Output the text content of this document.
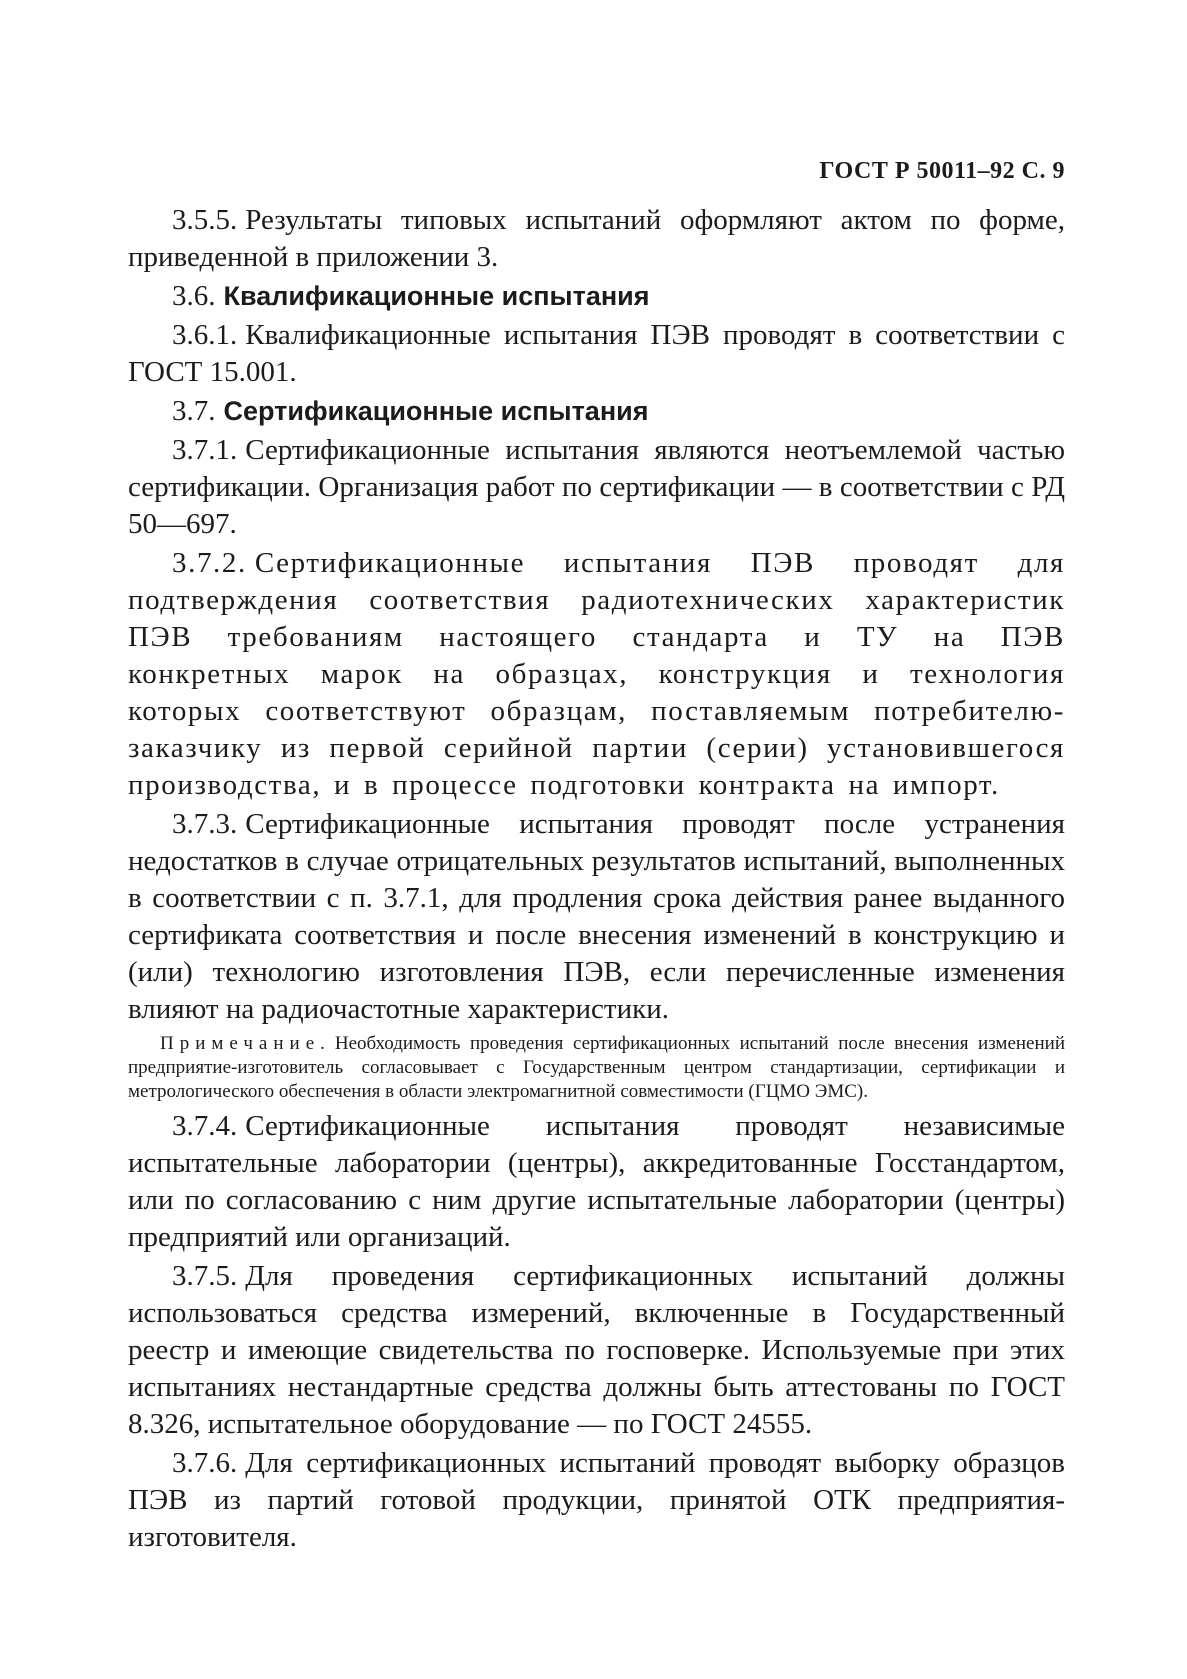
ГОСТ Р 50011–92 С. 9

3.5.5. Результаты типовых испытаний оформляют актом по форме, приведенной в приложении 3.

3.6. Квалификационные испытания

3.6.1. Квалификационные испытания ПЭВ проводят в соответствии с ГОСТ 15.001.

3.7. Сертификационные испытания

3.7.1. Сертификационные испытания являются неотъемлемой частью сертификации. Организация работ по сертификации — в соответствии с РД 50—697.

3.7.2. Сертификационные испытания ПЭВ проводят для подтверждения соответствия радиотехнических характеристик ПЭВ требованиям настоящего стандарта и ТУ на ПЭВ конкретных марок на образцах, конструкция и технология которых соответствуют образцам, поставляемым потребителю-заказчику из первой серийной партии (серии) установившегося производства, и в процессе подготовки контракта на импорт.

3.7.3. Сертификационные испытания проводят после устранения недостатков в случае отрицательных результатов испытаний, выполненных в соответствии с п. 3.7.1, для продления срока действия ранее выданного сертификата соответствия и после внесения изменений в конструкцию и (или) технологию изготовления ПЭВ, если перечисленные изменения влияют на радиочастотные характеристики.

Примечание. Необходимость проведения сертификационных испытаний после внесения изменений предприятие-изготовитель согласовывает с Государственным центром стандартизации, сертификации и метрологического обеспечения в области электромагнитной совместимости (ГЦМО ЭМС).

3.7.4. Сертификационные испытания проводят независимые испытательные лаборатории (центры), аккредитованные Госстандартом, или по согласованию с ним другие испытательные лаборатории (центры) предприятий или организаций.

3.7.5. Для проведения сертификационных испытаний должны использоваться средства измерений, включенные в Государственный реестр и имеющие свидетельства по госповерке. Используемые при этих испытаниях нестандартные средства должны быть аттестованы по ГОСТ 8.326, испытательное оборудование — по ГОСТ 24555.

3.7.6. Для сертификационных испытаний проводят выборку образцов ПЭВ из партий готовой продукции, принятой ОТК предприятия-изготовителя.
